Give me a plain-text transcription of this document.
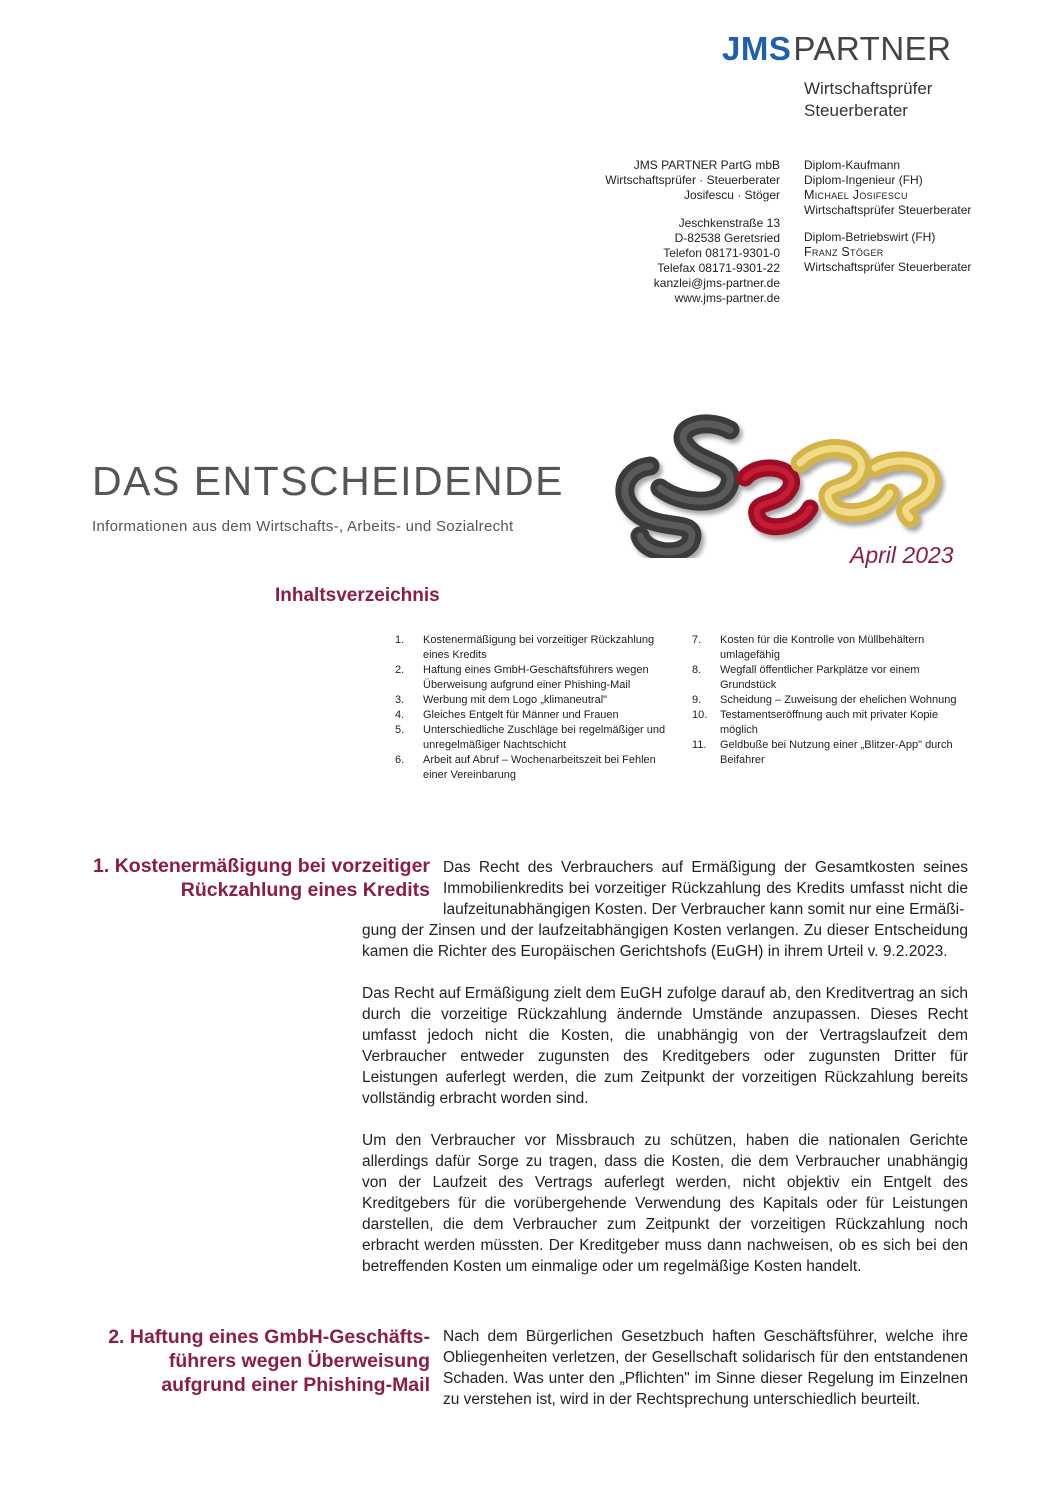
JMSPARTNER
Wirtschaftsprüfer
Steuerberater
JMS PARTNER PartG mbB
Wirtschaftsprüfer · Steuerberater
Josifescu · Stöger
Jeschkenstraße 13
D-82538 Geretsried
Telefon 08171-9301-0
Telefax 08171-9301-22
kanzlei@jms-partner.de
www.jms-partner.de
Diplom-Kaufmann
Diplom-Ingenieur (FH)
Michael Josifescu
Wirtschaftsprüfer Steuerberater
Diplom-Betriebswirt (FH)
Franz Stöger
Wirtschaftsprüfer Steuerberater
DAS ENTSCHEIDENDE
Informationen aus dem Wirtschafts-, Arbeits- und Sozialrecht
April 2023
Inhaltsverzeichnis
1.	Kostenermäßigung bei vorzeitiger Rückzahlung eines Kredits
2.	Haftung eines GmbH-Geschäftsführers wegen Überweisung aufgrund einer Phishing-Mail
3.	Werbung mit dem Logo „klimaneutral"
4.	Gleiches Entgelt für Männer und Frauen
5.	Unterschiedliche Zuschläge bei regelmäßiger und unregelmäßiger Nachtschicht
6.	Arbeit auf Abruf – Wochenarbeitszeit bei Fehlen einer Vereinbarung
7.	Kosten für die Kontrolle von Müllbehältern umlagefähig
8.	Wegfall öffentlicher Parkplätze vor einem Grundstück
9.	Scheidung – Zuweisung der ehelichen Wohnung
10.	Testamentseröffnung auch mit privater Kopie möglich
11.	Geldbuße bei Nutzung einer „Blitzer-App" durch Beifahrer
1. Kostenermäßigung bei vorzeitiger
Rückzahlung eines Kredits
Das Recht des Verbrauchers auf Ermäßigung der Gesamtkosten seines Immobilienkredits bei vorzeitiger Rückzahlung des Kredits umfasst nicht die laufzeitunabhängigen Kosten. Der Verbraucher kann somit nur eine Ermäßi-

gung der Zinsen und der laufzeitabhängigen Kosten verlangen. Zu dieser Entscheidung kamen die Richter des Europäischen Gerichtshofs (EuGH) in ihrem Urteil v. 9.2.2023.

Das Recht auf Ermäßigung zielt dem EuGH zufolge darauf ab, den Kreditvertrag an sich durch die vorzeitige Rückzahlung ändernde Umstände anzupassen. Dieses Recht umfasst jedoch nicht die Kosten, die unabhängig von der Vertragslaufzeit dem Verbraucher entweder zugunsten des Kreditgebers oder zugunsten Dritter für Leistungen auferlegt werden, die zum Zeitpunkt der vorzeitigen Rückzahlung bereits vollständig erbracht worden sind.

Um den Verbraucher vor Missbrauch zu schützen, haben die nationalen Gerichte allerdings dafür Sorge zu tragen, dass die Kosten, die dem Verbraucher unabhängig von der Laufzeit des Vertrags auferlegt werden, nicht objektiv ein Entgelt des Kreditgebers für die vorübergehende Verwendung des Kapitals oder für Leistungen darstellen, die dem Verbraucher zum Zeitpunkt der vorzeitigen Rückzahlung noch erbracht werden müssten. Der Kreditgeber muss dann nachweisen, ob es sich bei den betreffenden Kosten um einmalige oder um regelmäßige Kosten handelt.

2. Haftung eines GmbH-Geschäfts-
führers wegen Überweisung
aufgrund einer Phishing-Mail
Nach dem Bürgerlichen Gesetzbuch haften Geschäftsführer, welche ihre Obliegenheiten verletzen, der Gesellschaft solidarisch für den entstandenen Schaden. Was unter den „Pflichten" im Sinne dieser Regelung im Einzelnen zu verstehen ist, wird in der Rechtsprechung unterschiedlich beurteilt.
